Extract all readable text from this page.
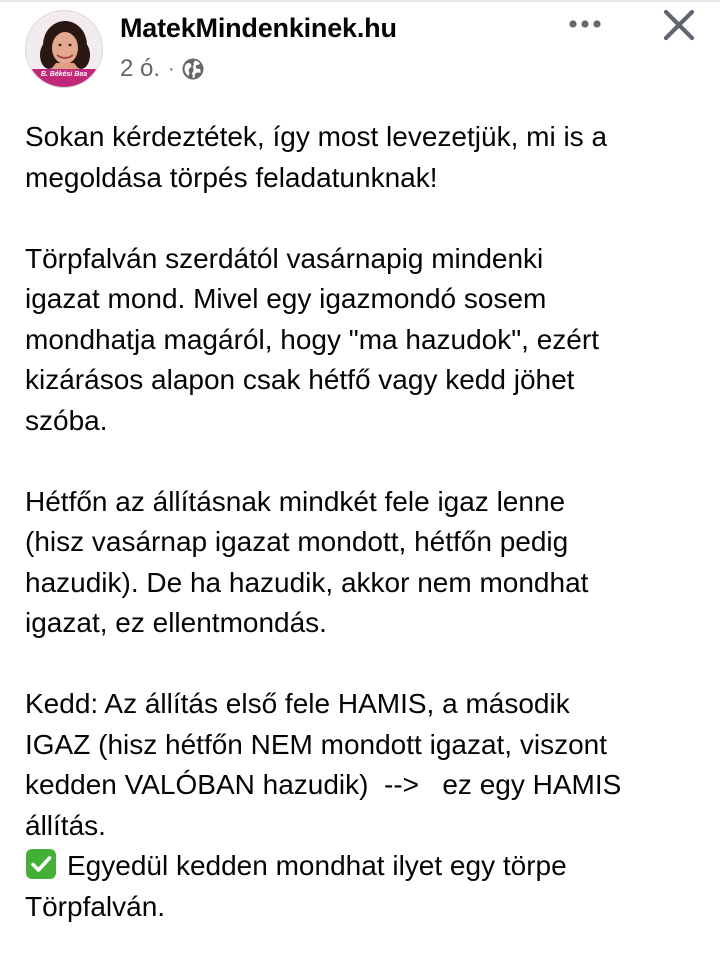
B. Békési Bea
MatekMindenkinek.hu
2 ó. ·

Sokan kérdeztétek, így most levezetjük, mi is a
megoldása törpés feladatunknak!

Törpfalván szerdától vasárnapig mindenki
igazat mond. Mivel egy igazmondó sosem
mondhatja magáról, hogy "ma hazudok", ezért
kizárásos alapon csak hétfő vagy kedd jöhet
szóba.

Hétfőn az állításnak mindkét fele igaz lenne
(hisz vasárnap igazat mondott, hétfőn pedig
hazudik). De ha hazudik, akkor nem mondhat
igazat, ez ellentmondás.

Kedd: Az állítás első fele HAMIS, a második
IGAZ (hisz hétfőn NEM mondott igazat, viszont
kedden VALÓBAN hazudik)  -->   ez egy HAMIS
állítás.

Egyedül kedden mondhat ilyet egy törpe
Törpfalván.
